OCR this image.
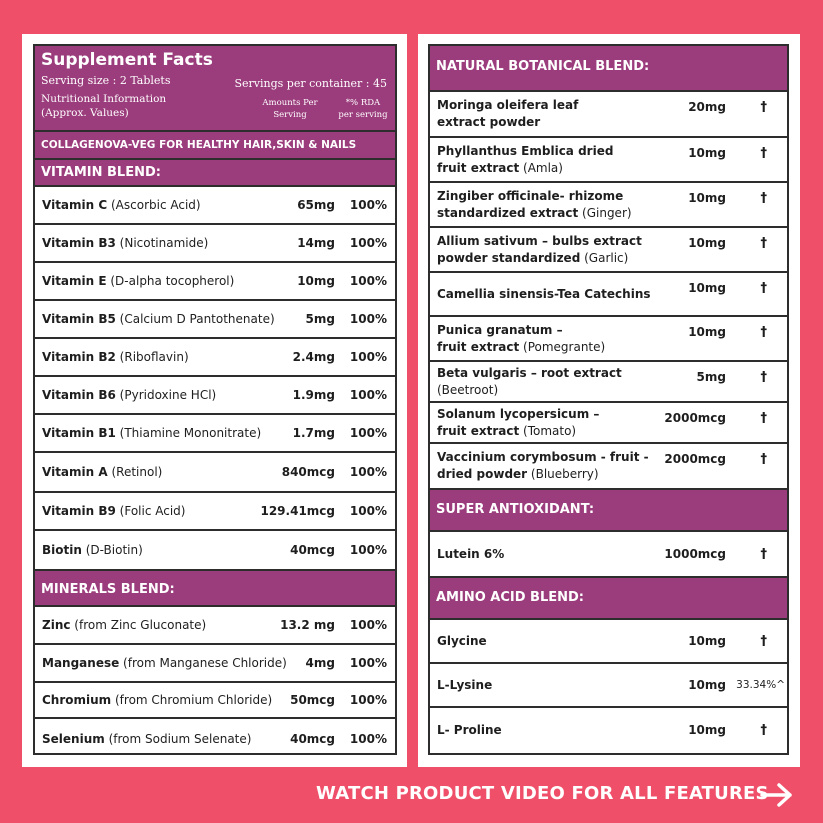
Supplement Facts
Serving size : 2 Tablets	Servings per container : 45
Nutritional Information
(Approx. Values)
Amounts Per
Serving
*% RDA
per serving
COLLAGENOVA-VEG FOR HEALTHY HAIR,SKIN & NAILS
VITAMIN BLEND:
Vitamin C (Ascorbic Acid)	65mg 100%
Vitamin B3 (Nicotinamide)	14mg 100%
Vitamin E (D-alpha tocopherol)	10mg 100%
Vitamin B5 (Calcium D Pantothenate)	5mg 100%
Vitamin B2 (Riboflavin)	2.4mg 100%
Vitamin B6 (Pyridoxine HCl)	1.9mg 100%
Vitamin B1 (Thiamine Mononitrate)	1.7mg 100%
Vitamin A (Retinol)	840mcg 100%
Vitamin B9 (Folic Acid)	129.41mcg 100%
Biotin (D-Biotin)	40mcg 100%
MINERALS BLEND:
Zinc (from Zinc Gluconate)	13.2 mg 100%
Manganese (from Manganese Chloride) 4mg 100%
Chromium (from Chromium Chloride) 50mcg 100%
Selenium (from Sodium Selenate)	40mcg 100%
NATURAL BOTANICAL BLEND:
Moringa oleifera leaf
extract powder
20mg	†
Phyllanthus Emblica dried
fruit extract (Amla)
10mg	†
Zingiber officinale- rhizome
standardized extract (Ginger)
10mg	†
Allium sativum – bulbs extract
powder standardized (Garlic)
10mg	†
Camellia sinensis-Tea Catechins	10mg	†
Punica granatum –
fruit extract (Pomegrante)
10mg	†
Beta vulgaris – root extract
(Beetroot)
5mg	†
Solanum lycopersicum –
fruit extract (Tomato)
2000mcg	†
Vaccinium corymbosum - fruit -
dried powder (Blueberry)
2000mcg	†
SUPER ANTIOXIDANT:
Lutein 6%	1000mcg	†
AMINO ACID BLEND:
Glycine	10mg	†
L-Lysine	10mg 33.34%^
L- Proline	10mg	†
WATCH PRODUCT VIDEO FOR ALL FEATURES
